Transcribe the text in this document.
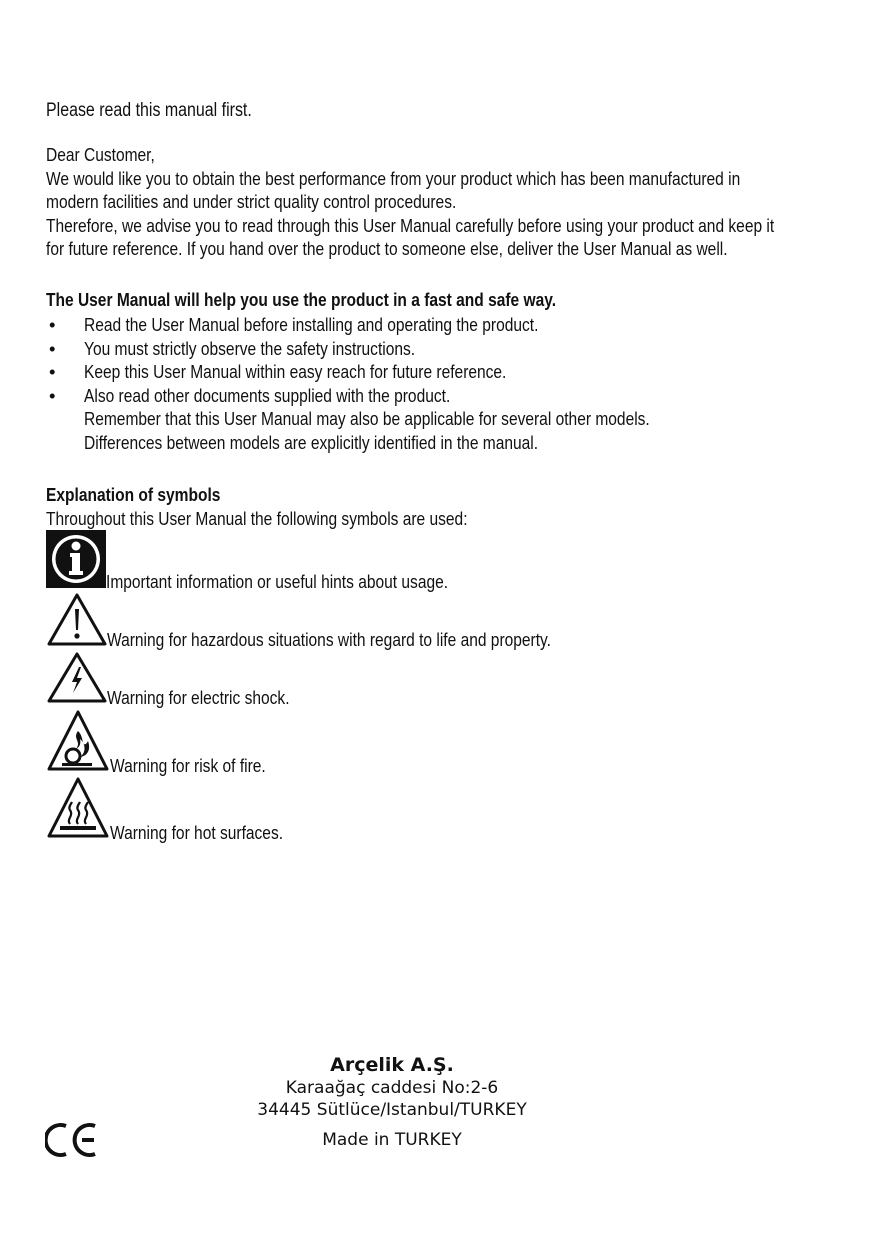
Please read this manual first.

Dear Customer,

We would like you to obtain the best performance from your product which has been manufactured in

modern facilities and under strict quality control procedures.

Therefore, we advise you to read through this User Manual carefully before using your product and keep it

for future reference. If you hand over the product to someone else, deliver the User Manual as well.

The User Manual will help you use the product in a fast and safe way.
• Read the User Manual before installing and operating the product.
• You must strictly observe the safety instructions.
• Keep this User Manual within easy reach for future reference.
• Also read other documents supplied with the product.
Remember that this User Manual may also be applicable for several other models.
Differences between models are explicitly identified in the manual.
Explanation of symbols
Throughout this User Manual the following symbols are used:
Important information or useful hints about usage.
Warning for hazardous situations with regard to life and property.
Warning for electric shock.
Warning for risk of fire.
Warning for hot surfaces.
Arçelik A.Ş.
Karaağaç caddesi No:2-6
34445 Sütlüce/Istanbul/TURKEY
Made in TURKEY
